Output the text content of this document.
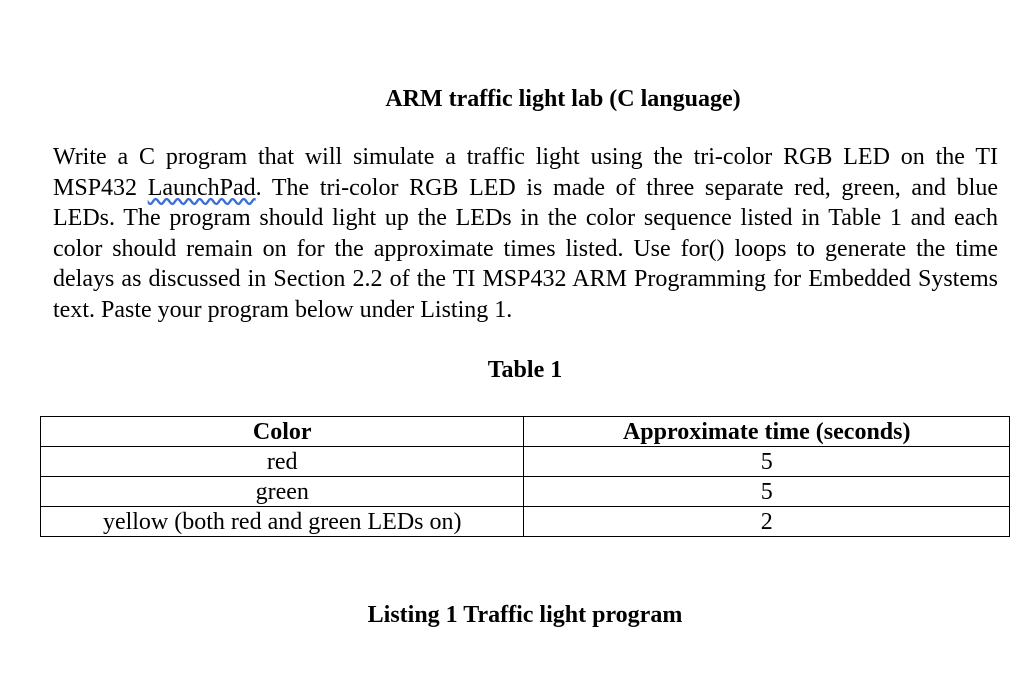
ARM traffic light lab (C language)

Write a C program that will simulate a traffic light using the tri-color RGB LED on the TI MSP432 LaunchPad. The tri-color RGB LED is made of three separate red, green, and blue LEDs. The program should light up the LEDs in the color sequence listed in Table 1 and each color should remain on for the approximate times listed. Use for() loops to generate the time delays as discussed in Section 2.2 of the TI MSP432 ARM Programming for Embedded Systems text. Paste your program below under Listing 1.

Table 1
Color	Approximate time (seconds)
red	5
green	5
yellow (both red and green LEDs on)	2
Listing 1 Traffic light program
